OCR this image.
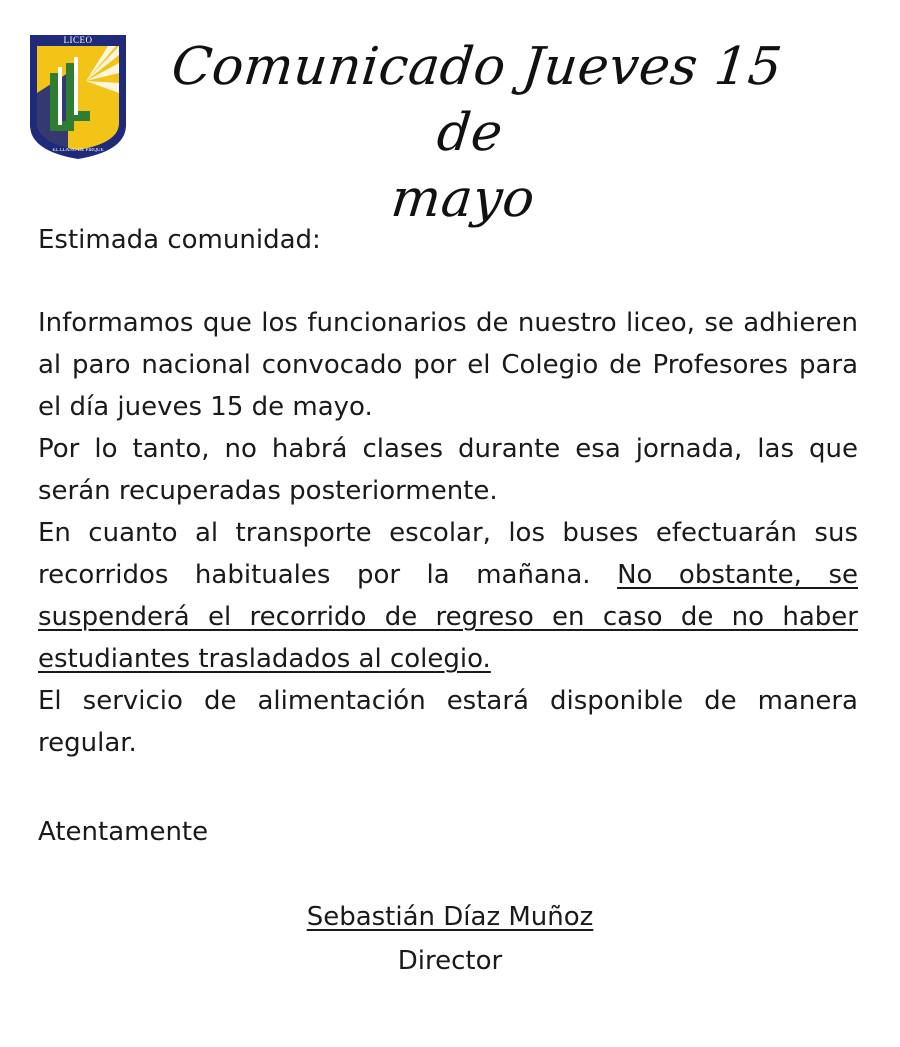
LICEO
EL LLANO DE PIRQUE
Comunicado Jueves 15 de
mayo

Estimada comunidad:

Informamos que los funcionarios de nuestro liceo, se adhieren al paro nacional convocado por el Colegio de Profesores para el día jueves 15 de mayo.

Por lo tanto, no habrá clases durante esa jornada, las que serán recuperadas posteriormente.

En cuanto al transporte escolar, los buses efectuarán sus recorridos habituales por la mañana. No obstante, se suspenderá el recorrido de regreso en caso de no haber estudiantes trasladados al colegio.

El servicio de alimentación estará disponible de manera regular.

Atentamente

Sebastián Díaz Muñoz
Director
